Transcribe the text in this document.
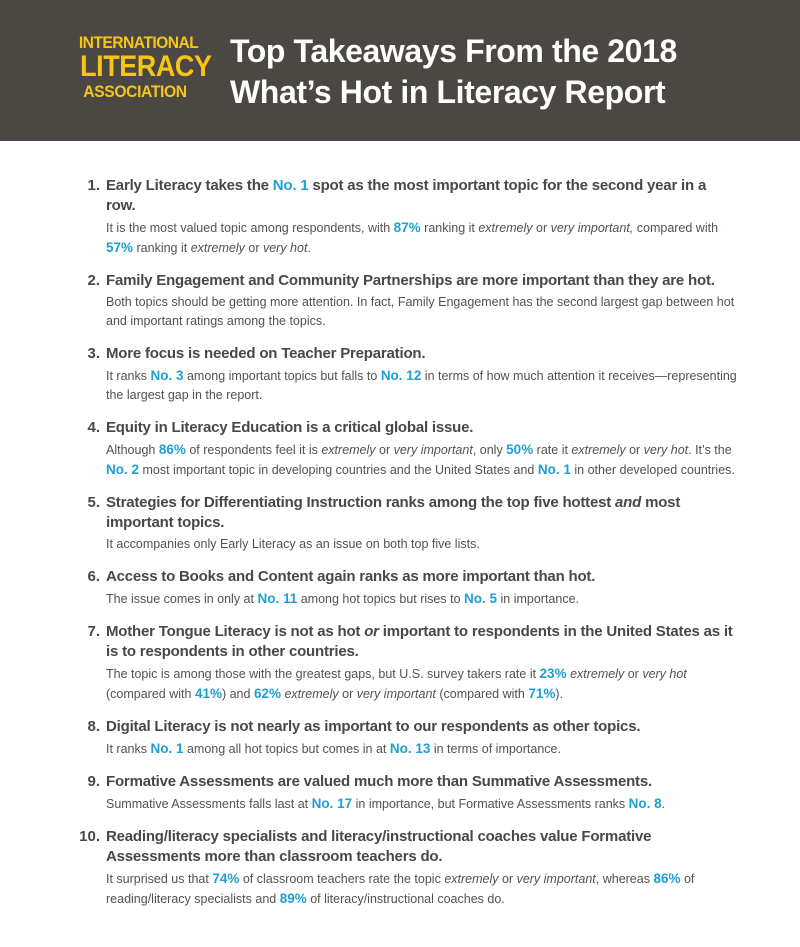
INTERNATIONAL
LITERACY
ASSOCIATION
Top Takeaways From the 2018
What’s Hot in Literacy Report
1. Early Literacy takes the No. 1 spot as the most important topic for the second year in a row.
It is the most valued topic among respondents, with 87% ranking it extremely or very important, compared with 57% ranking it extremely or very hot.
2. Family Engagement and Community Partnerships are more important than they are hot.
Both topics should be getting more attention. In fact, Family Engagement has the second largest gap between hot and important ratings among the topics.
3. More focus is needed on Teacher Preparation.
It ranks No. 3 among important topics but falls to No. 12 in terms of how much attention it receives—representing the largest gap in the report.
4. Equity in Literacy Education is a critical global issue.
Although 86% of respondents feel it is extremely or very important, only 50% rate it extremely or very hot. It’s the No. 2 most important topic in developing countries and the United States and No. 1 in other developed countries.
5. Strategies for Differentiating Instruction ranks among the top five hottest and most important topics.
It accompanies only Early Literacy as an issue on both top five lists.
6. Access to Books and Content again ranks as more important than hot.
The issue comes in only at No. 11 among hot topics but rises to No. 5 in importance.
7. Mother Tongue Literacy is not as hot or important to respondents in the United States as it is to respondents in other countries.
The topic is among those with the greatest gaps, but U.S. survey takers rate it 23% extremely or very hot (compared with 41%) and 62% extremely or very important (compared with 71%).
8. Digital Literacy is not nearly as important to our respondents as other topics.
It ranks No. 1 among all hot topics but comes in at No. 13 in terms of importance.
9. Formative Assessments are valued much more than Summative Assessments.
Summative Assessments falls last at No. 17 in importance, but Formative Assessments ranks No. 8.
10. Reading/literacy specialists and literacy/instructional coaches value Formative Assessments more than classroom teachers do.
It surprised us that 74% of classroom teachers rate the topic extremely or very important, whereas 86% of reading/literacy specialists and 89% of literacy/instructional coaches do.
